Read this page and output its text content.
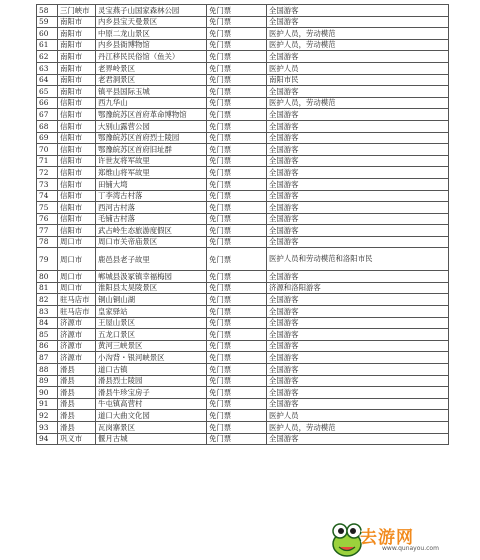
58	三门峡市	灵宝燕子山国家森林公园	免门票	全国游客
59	南阳市	内乡县宝天曼景区	免门票	全国游客
60	南阳市	中原二龙山景区	免门票	医护人员，劳动模范
61	南阳市	内乡县衙博物馆	免门票	医护人员，劳动模范
62	南阳市	丹江移民民俗馆（鱼关）	免门票	全国游客
63	南阳市	老界岭景区	免门票	医护人员
64	南阳市	老君洞景区	免门票	南阳市民
65	南阳市	镇平县国际玉城	免门票	全国游客
66	信阳市	西九华山	免门票	医护人员，劳动模范
67	信阳市	鄂豫皖苏区首府革命博物馆	免门票	全国游客
68	信阳市	大别山露营公园	免门票	全国游客
69	信阳市	鄂豫皖苏区首府烈士陵园	免门票	全国游客
70	信阳市	鄂豫皖苏区首府旧址群	免门票	全国游客
71	信阳市	许世友将军故里	免门票	全国游客
72	信阳市	郑维山将军故里	免门票	全国游客
73	信阳市	田铺大塆	免门票	全国游客
74	信阳市	丁李湾古村落	免门票	全国游客
75	信阳市	西河古村落	免门票	全国游客
76	信阳市	毛铺古村落	免门票	全国游客
77	信阳市	武占岭生态旅游度假区	免门票	全国游客
78	周口市	周口市关帝庙景区	免门票	全国游客
79	周口市	鹿邑县老子故里	免门票	医护人员和劳动模范和洛阳市民
80	周口市	郸城县汲冢镇幸福梅园	免门票	全国游客
81	周口市	淮阳县太昊陵景区	免门票	济源和洛阳游客
82	驻马店市	铜山铜山湖	免门票	全国游客
83	驻马店市	皇家驿站	免门票	全国游客
84	济源市	王屋山景区	免门票	全国游客
85	济源市	五龙口景区	免门票	全国游客
86	济源市	黄河三峡景区	免门票	全国游客
87	济源市	小沟背・银河峡景区	免门票	全国游客
88	滑县	道口古镇	免门票	全国游客
89	滑县	滑县烈士陵园	免门票	全国游客
90	滑县	滑县牛珍宝房子	免门票	全国游客
91	滑县	牛屯镇高营村	免门票	全国游客
92	滑县	道口大曲文化园	免门票	医护人员
93	滑县	瓦岗寨景区	免门票	医护人员，劳动模范
94	巩义市	偃月古城	免门票	全国游客
去游网
www.qunayou.com
